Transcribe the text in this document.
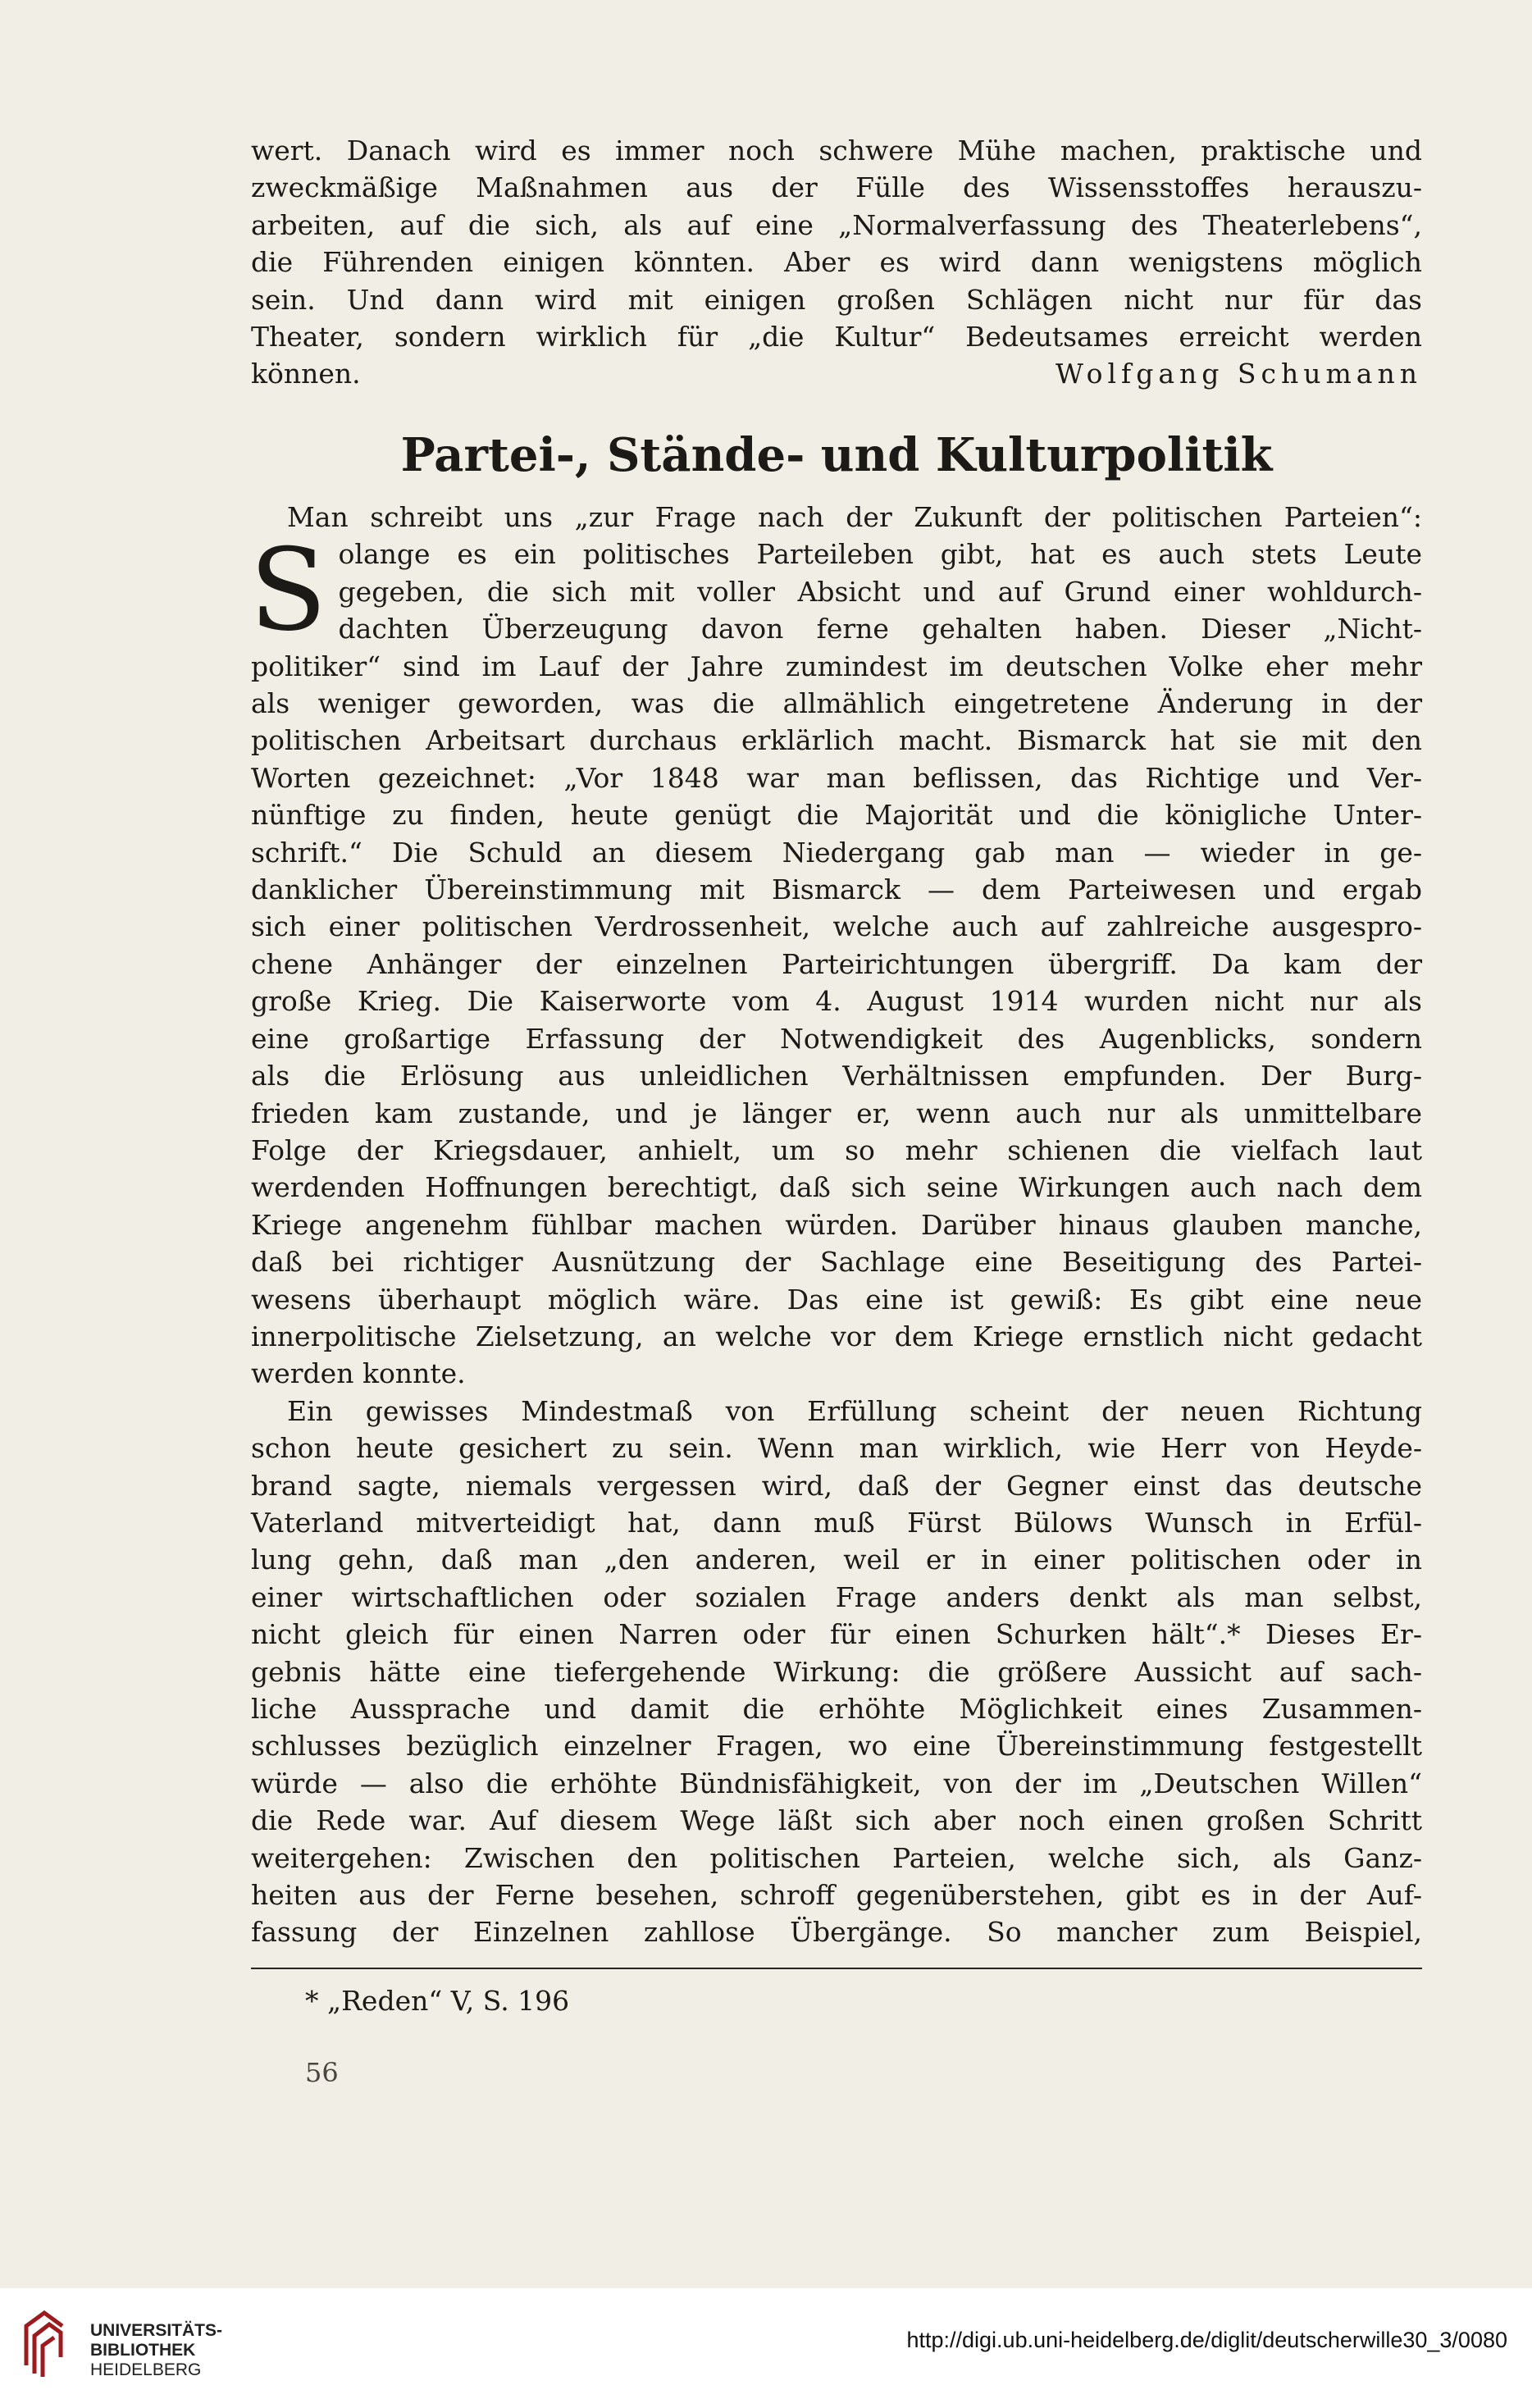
wert. Danach wird es immer noch schwere Mühe machen, praktische und

zweckmäßige Maßnahmen aus der Fülle des Wissensstoffes herauszu-

arbeiten, auf die sich, als auf eine „Normalverfassung des Theaterlebens“,

die Führenden einigen könnten. Aber es wird dann wenigstens möglich

sein. Und dann wird mit einigen großen Schlägen nicht nur für das

Theater, sondern wirklich für „die Kultur“ Bedeutsames erreicht werden

können.	Wolfgang Schumann
Partei-, Stände- und Kulturpolitik

Man schreibt uns „zur Frage nach der Zukunft der politischen Parteien“:

S olange es ein politisches Parteileben gibt, hat es auch stets Leute

gegeben, die sich mit voller Absicht und auf Grund einer wohldurch-

dachten Überzeugung davon ferne gehalten haben. Dieser „Nicht-

politiker“ sind im Lauf der Jahre zumindest im deutschen Volke eher mehr

als weniger geworden, was die allmählich eingetretene Änderung in der

politischen Arbeitsart durchaus erklärlich macht. Bismarck hat sie mit den

Worten gezeichnet: „Vor 1848 war man beflissen, das Richtige und Ver-

nünftige zu finden, heute genügt die Majorität und die königliche Unter-

schrift.“ Die Schuld an diesem Niedergang gab man — wieder in ge-

danklicher Übereinstimmung mit Bismarck — dem Parteiwesen und ergab

sich einer politischen Verdrossenheit, welche auch auf zahlreiche ausgespro-

chene Anhänger der einzelnen Parteirichtungen übergriff. Da kam der

große Krieg. Die Kaiserworte vom 4. August 1914 wurden nicht nur als

eine großartige Erfassung der Notwendigkeit des Augenblicks, sondern

als die Erlösung aus unleidlichen Verhältnissen empfunden. Der Burg-

frieden kam zustande, und je länger er, wenn auch nur als unmittelbare

Folge der Kriegsdauer, anhielt, um so mehr schienen die vielfach laut

werdenden Hoffnungen berechtigt, daß sich seine Wirkungen auch nach dem

Kriege angenehm fühlbar machen würden. Darüber hinaus glauben manche,

daß bei richtiger Ausnützung der Sachlage eine Beseitigung des Partei-

wesens überhaupt möglich wäre. Das eine ist gewiß: Es gibt eine neue

innerpolitische Zielsetzung, an welche vor dem Kriege ernstlich nicht gedacht

werden konnte.

Ein gewisses Mindestmaß von Erfüllung scheint der neuen Richtung

schon heute gesichert zu sein. Wenn man wirklich, wie Herr von Heyde-

brand sagte, niemals vergessen wird, daß der Gegner einst das deutsche

Vaterland mitverteidigt hat, dann muß Fürst Bülows Wunsch in Erfül-

lung gehn, daß man „den anderen, weil er in einer politischen oder in

einer wirtschaftlichen oder sozialen Frage anders denkt als man selbst,

nicht gleich für einen Narren oder für einen Schurken hält“.* Dieses Er-

gebnis hätte eine tiefergehende Wirkung: die größere Aussicht auf sach-

liche Aussprache und damit die erhöhte Möglichkeit eines Zusammen-

schlusses bezüglich einzelner Fragen, wo eine Übereinstimmung festgestellt

würde — also die erhöhte Bündnisfähigkeit, von der im „Deutschen Willen“

die Rede war. Auf diesem Wege läßt sich aber noch einen großen Schritt

weitergehen: Zwischen den politischen Parteien, welche sich, als Ganz-

heiten aus der Ferne besehen, schroff gegenüberstehen, gibt es in der Auf-

fassung der Einzelnen zahllose Übergänge. So mancher zum Beispiel,

* „Reden“ V, S. 196
56
UNIVERSITÄTS-
BIBLIOTHEK
HEIDELBERG
http://digi.ub.uni-heidelberg.de/diglit/deutscherwille30_3/0080
